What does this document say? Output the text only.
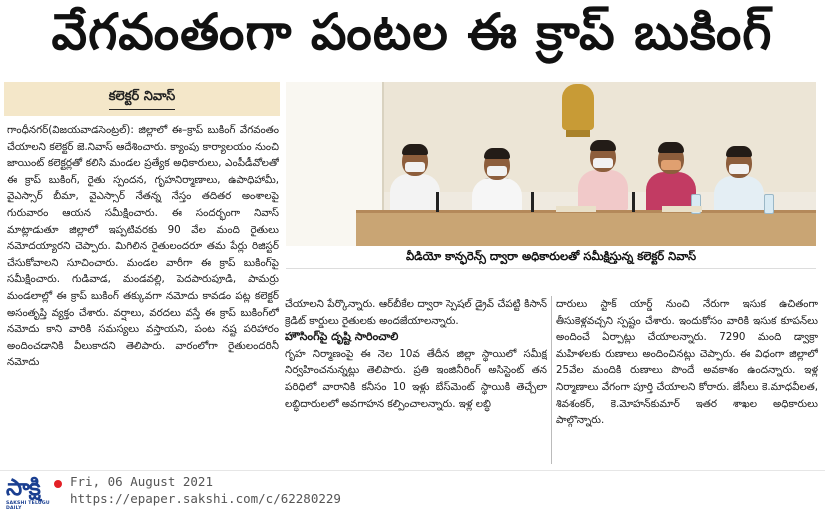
వేగవంతంగా పంటల ఈ క్రాప్ బుకింగ్
కలెక్టర్ నివాస్

గాంధీనగర్(విజయవాడసెంట్రల్): జిల్లాలో ఈ–క్రాప్ బుకింగ్ వేగవంతం చేయాలని కలెక్టర్ జె.నివాస్ ఆదేశించారు. క్యాంపు కార్యాలయం నుంచి జాయింట్ కలెక్టర్లతో కలిసి మండల ప్రత్యేక అధికారులు, ఎంపీడీవోలతో ఈ క్రాప్ బుకింగ్, రైతు స్పందన, గృహనిర్మాణాలు, ఉపాధిహామీ, వైఎస్సార్ బీమా, వైఎస్సార్ నేతన్న నేస్తం తదితర అంశాలపై గురువారం ఆయన సమీక్షించారు. ఈ సందర్భంగా నివాస్ మాట్లాడుతూ జిల్లాలో ఇప్పటివరకు 90 వేల మంది రైతులు నమోదయ్యారని చెప్పారు. మిగిలిన రైతులందరూ తమ పేర్లు రిజిస్టర్ చేసుకోవాలని సూచించారు. మండల వారీగా ఈ క్రాప్ బుకింగ్‌పై సమీక్షించారు. గుడివాడ, మండవల్లి, పెదపారుపూడి, పామర్రు మండలాల్లో ఈ క్రాప్ బుకింగ్ తక్కువగా నమోదు కావడం పట్ల కలెక్టర్ అసంతృప్తి వ్యక్తం చేశారు. వర్షాలు, వరదలు వస్తే ఈ క్రాప్ బుకింగ్‌లో నమోదు కాని వారికి సమస్యలు వస్తాయని, పంట నష్ట పరిహారం అందించడానికి వీలుకాదని తెలిపారు. వారంలోగా రైతులందరినీ నమోదు

వీడియో కాన్ఫరెన్స్ ద్వారా అధికారులతో సమీక్షిస్తున్న కలెక్టర్ నివాస్

చేయాలని పేర్కొన్నారు. ఆర్‌బీకేల ద్వారా స్పెషల్ డ్రైవ్ చేపట్టి కిసాన్ క్రెడిట్ కార్డులు రైతులకు అందజేయాలన్నారు.

హౌసింగ్‌పై దృష్టి సారించాలి

గృహ నిర్మాణంపై ఈ నెల 10వ తేదీన జిల్లా స్థాయిలో సమీక్ష నిర్వహించనున్నట్లు తెలిపారు. ప్రతి ఇంజినీరింగ్ అసిస్టెంట్ తన పరిధిలో వారానికి కనీసం 10 ఇళ్లు బేస్‌మెంట్ స్థాయికి తెచ్చేలా లబ్ధిదారులలో అవగాహన కల్పించాలన్నారు. ఇళ్ల లబ్ధి

దారులు స్టాక్ యార్డ్ నుంచి నేరుగా ఇసుక ఉచితంగా తీసుకెళ్లవచ్చని స్పష్టం చేశారు. ఇందుకోసం వారికి ఇసుక కూపన్‌లు అందించే ఏర్పాట్లు చేయాలన్నారు. 7290 మంది డ్వాక్రా మహిళలకు రుణాలు అందించినట్లు చెప్పారు. ఈ విధంగా జిల్లాలో 25వేల మందికి రుణాలు పొందే అవకాశం ఉందన్నారు. ఇళ్ల నిర్మాణాలు వేగంగా పూర్తి చేయాలని కోరారు. జేసీలు కె.మాధవీలత, శివశంకర్, కె.మోహన్‌కుమార్ ఇతర శాఖల అధికారులు పాల్గొన్నారు.

సాక్షి
SAKSHI TELUGU DAILY
Fri, 06 August 2021
https://epaper.sakshi.com/c/62280229
